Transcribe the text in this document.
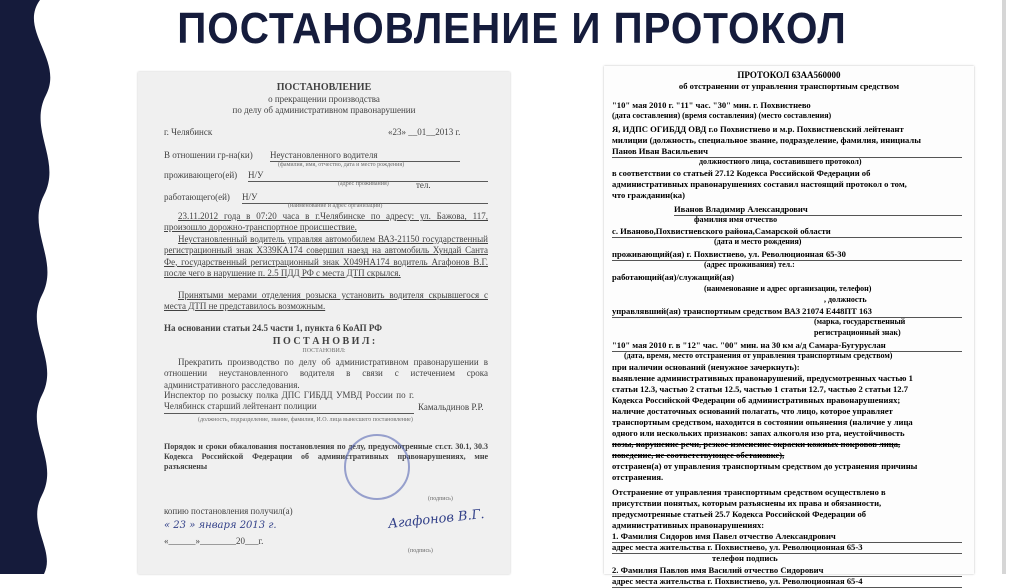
ПОСТАНОВЛЕНИЕ И ПРОТОКОЛ
ПОСТАНОВЛЕНИЕ
о прекращении производства
по делу об административном правонарушении
г. Челябинск	«23» __01__2013 г.
В отношении гр-на(ки) Неустановленного водителя
(фамилия, имя, отчество, дата и место рождения)
проживающего(ей) Н/У
(адрес проживания)	тел.
работающего(ей) Н/У
(наименование и адрес организации)
23.11.2012 года в 07:20 часа в г.Челябинске по адресу: ул. Бажова, 117, произошло дорожно-транспортное происшествие.
Неустановленный водитель управляя автомобилем ВАЗ-21150 государственный регистрационный знак Х339КА174 совершил наезд на автомобиль Хундай Санта Фе, государственный регистрационный знак Х049НА174 водитель Агафонов В.Г. после чего в нарушение п. 2.5 ПДД РФ с места ДТП скрылся.
Принятыми мерами отделения розыска установить водителя скрывшегося с места ДТП не представилось возможным.
На основании статьи 24.5 части 1, пункта 6 КоАП РФ
П О С Т А Н О В И Л :
ПОСТАНОВИЛ:
Прекратить производство по делу об административном правонарушении в отношении неустановленного водителя в связи с истечением срока административного расследования.
Инспектор по розыску полка ДПС ГИБДД УМВД России по г. Челябинск старший лейтенант полиции	Камальдинов Р.Р.
(должность, подразделение, звание, фамилия, И.О. лица вынесшего постановление)
Порядок и сроки обжалования постановления по делу, предусмотренные ст.ст. 30.1, 30.3 Кодекса Российской Федерации об административных правонарушениях, мне разъяснены
(подпись)
копию постановления получил(а)
« 23 » января 2013 г.
«______»________20___г.
(подпись)
Агафонов В.Г.
ПРОТОКОЛ 63АА560000
об отстранении от управления транспортным средством
"10" мая 2010 г. "11" час. "30" мин. г. Похвистнево
(дата составления) (время составления) (место составления)
Я, ИДПС ОГИБДД ОВД г.о Похвистнево и м.р. Похвистневский лейтенант
милиции (должность, специальное звание, подразделение, фамилия, инициалы
Панов Иван Васильевич
должностного лица, составившего протокол)
в соответствии со статьей 27.12 Кодекса Российской Федерации об
административных правонарушениях составил настоящий протокол о том,
что гражданин(ка)
Иванов Владимир Александрович
фамилия имя отчество
с. Иваново,Похвистневского района,Самарской области
(дата и место рождения)
проживающий(ая) г. Похвистнево, ул. Революционная 65-30
(адрес проживания) тел.:
работающий(ая)/служащий(ая)
(наименование и адрес организации, телефон)
, должность
управлявший(ая) транспортным средством ВАЗ 21074 Е448ПТ 163
(марка, государственный
регистрационный знак)
"10" мая 2010 г. в "12" час. "00" мин. на 30 км а/д Самара-Бугуруслан
(дата, время, место отстранения от управления транспортным средством)
при наличии оснований (ненужное зачеркнуть):
выявление административных правонарушений, предусмотренных частью 1
статьи 12.3, частью 2 статьи 12.5, частью 1 статьи 12.7, частью 2 статьи 12.7
Кодекса Российской Федерации об административных правонарушениях;
наличие достаточных оснований полагать, что лицо, которое управляет
транспортным средством, находится в состоянии опьянения (наличие у лица
одного или нескольких признаков: запах алкоголя изо рта, неустойчивость
позы, нарушение речи, резкое изменение окраски кожных покровов лица,
поведение, не соответствующее обстановке),
отстранен(а) от управления транспортным средством до устранения причины
отстранения.
Отстранение от управления транспортным средством осуществлено в
присутствии понятых, которым разъяснены их права и обязанности,
предусмотренные статьей 25.7 Кодекса Российской Федерации об
административных правонарушениях:
1. Фамилия Сидоров имя Павел отчество Александрович
адрес места жительства г. Похвистнево, ул. Революционная 65-3
телефон подпись
2. Фамилия Павлов имя Василий отчество Сидорович
адрес места жительства г. Похвистнево, ул. Революционная 65-4
